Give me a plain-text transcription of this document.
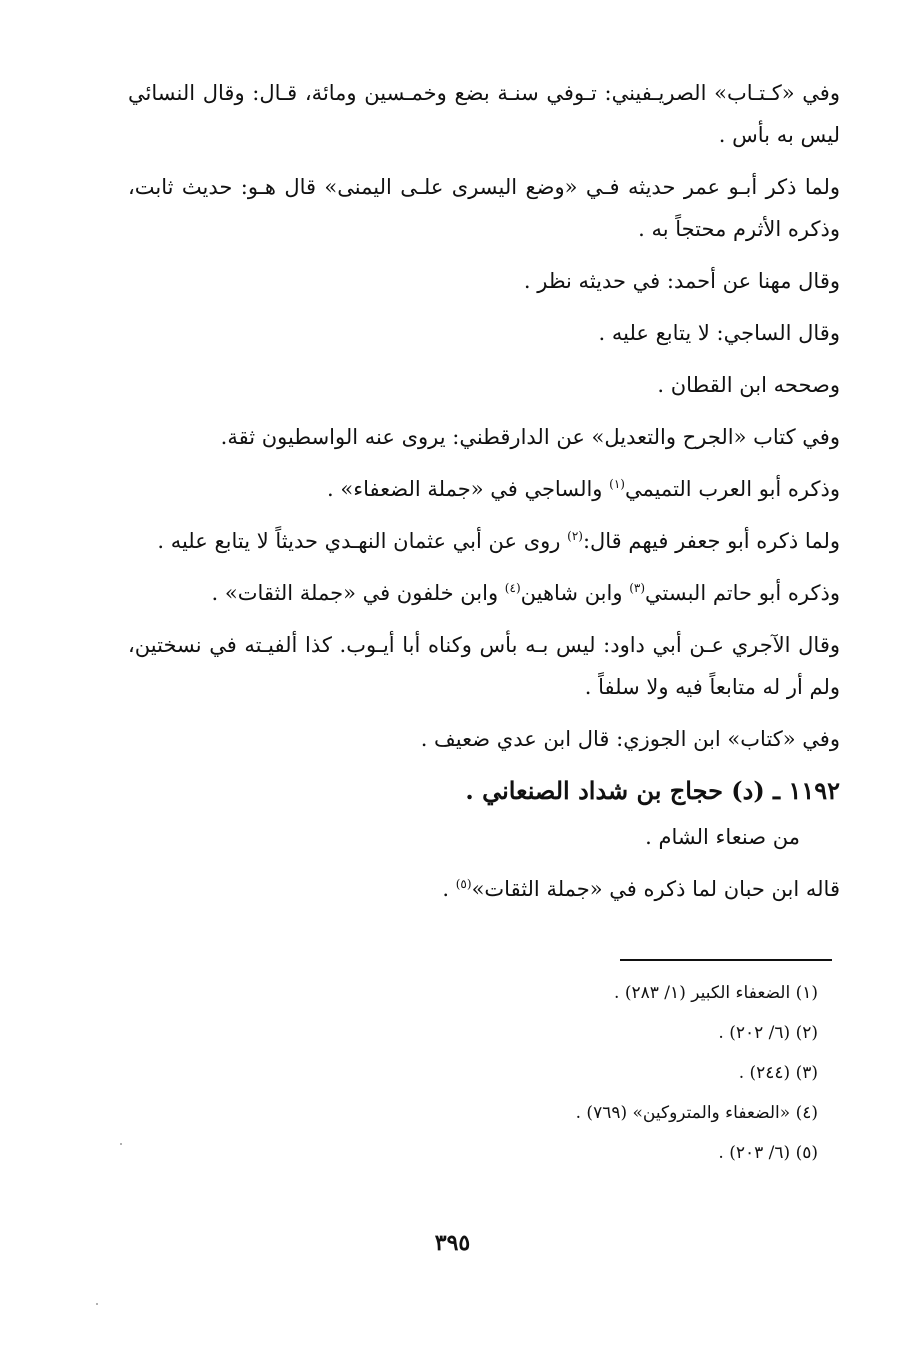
وفي «كـتـاب» الصريـفيني: تـوفي سنـة بضع وخمـسين ومائة، قـال: وقال النسائي ليس به بأس .

ولما ذكر أبـو عمر حديثه فـي «وضع اليسرى علـى اليمنى» قال هـو: حديث ثابت، وذكره الأثرم محتجاً به .

وقال مهنا عن أحمد: في حديثه نظر .

وقال الساجي: لا يتابع عليه .

وصححه ابن القطان .

وفي كتاب «الجرح والتعديل» عن الدارقطني: يروى عنه الواسطيون ثقة.

وذكره أبو العرب التميمي$^{(١)}$ والساجي في «جملة الضعفاء» .

ولما ذكره أبو جعفر فيهم قال:$^{(٢)}$ روى عن أبي عثمان النهـدي حديثاً لا يتابع عليه .

وذكره أبو حاتم البستي$^{(٣)}$ وابن شاهين$^{(٤)}$ وابن خلفون في «جملة الثقات» .

وقال الآجري عـن أبي داود: ليس بـه بأس وكناه أبا أيـوب. كذا ألفيـته في نسختين، ولم أر له متابعاً فيه ولا سلفاً .

وفي «كتاب» ابن الجوزي: قال ابن عدي ضعيف .

١١٩٢ ـ (د) حجاج بن شداد الصنعاني .

من صنعاء الشام .

قاله ابن حبان لما ذكره في «جملة الثقات»$^{(٥)}$ .

(١) الضعفاء الكبير (١/ ٢٨٣) .

(٢) (٦/ ٢٠٢) .

(٣) (٢٤٤) .

(٤) «الضعفاء والمتروكين» (٧٦٩) .

(٥) (٦/ ٢٠٣) .

٣٩٥
